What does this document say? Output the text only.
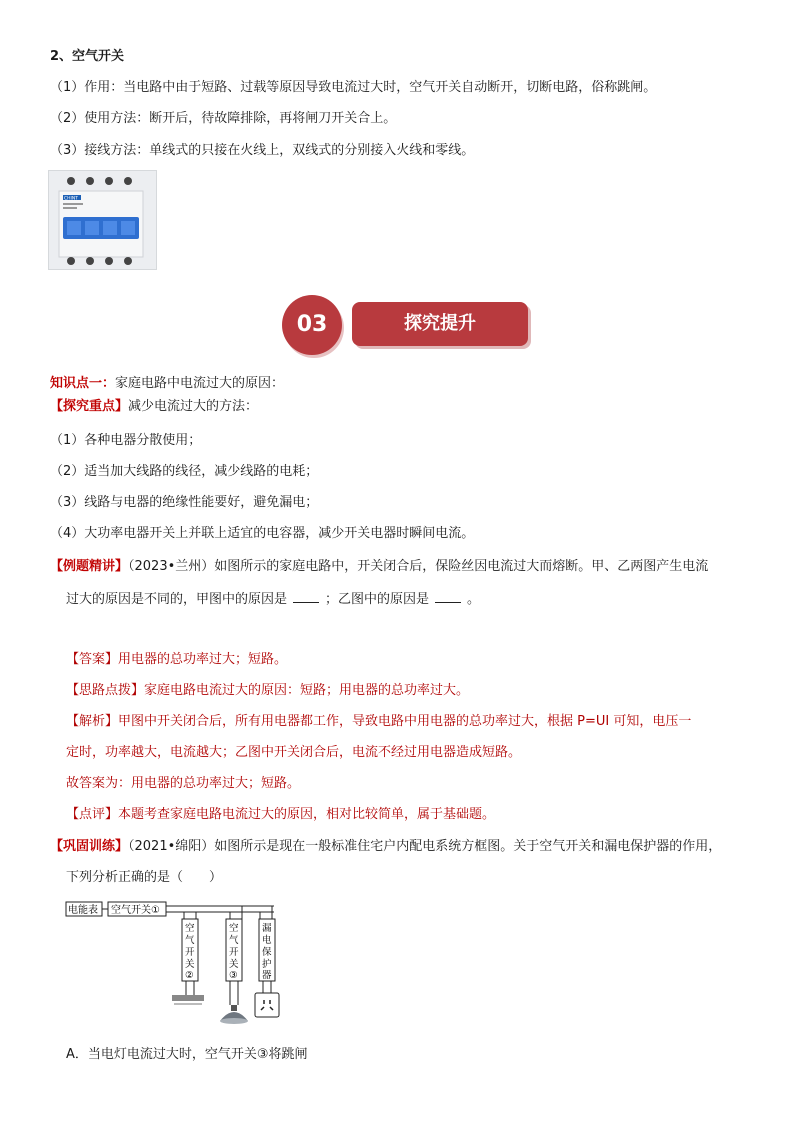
2、空气开关
（1）作用：当电路中由于短路、过载等原因导致电流过大时，空气开关自动断开，切断电路，俗称跳闸。
（2）使用方法：断开后，待故障排除，再将闸刀开关合上。
（3）接线方法：单线式的只接在火线上，双线式的分别接入火线和零线。
CHINT
03	探究提升
知识点一：家庭电路中电流过大的原因：
【探究重点】减少电流过大的方法：
（1）各种电器分散使用；
（2）适当加大线路的线径，减少线路的电耗；
（3）线路与电器的绝缘性能要好，避免漏电；
（4）大功率电器开关上并联上适宜的电容器，减少开关电器时瞬间电流。
【例题精讲】（2023•兰州）如图所示的家庭电路中，开关闭合后，保险丝因电流过大而熔断。甲、乙两图产生电流
过大的原因是不同的，甲图中的原因是	；乙图中的原因是	。
【答案】用电器的总功率过大；短路。
【思路点拨】家庭电路电流过大的原因：短路；用电器的总功率过大。
【解析】甲图中开关闭合后，所有用电器都工作，导致电路中用电器的总功率过大，根据 P=UI 可知，电压一
定时，功率越大，电流越大；乙图中开关闭合后，电流不经过用电器造成短路。
故答案为：用电器的总功率过大；短路。
【点评】本题考查家庭电路电流过大的原因，相对比较简单，属于基础题。
【巩固训练】（2021•绵阳）如图所示是现在一般标准住宅户内配电系统方框图。关于空气开关和漏电保护器的作用，
下列分析正确的是（　　）
电能表 空气开关①
空
气
开
关
②
空
气
开
关
③
漏
电
保
护
器
A．当电灯电流过大时，空气开关③将跳闸
